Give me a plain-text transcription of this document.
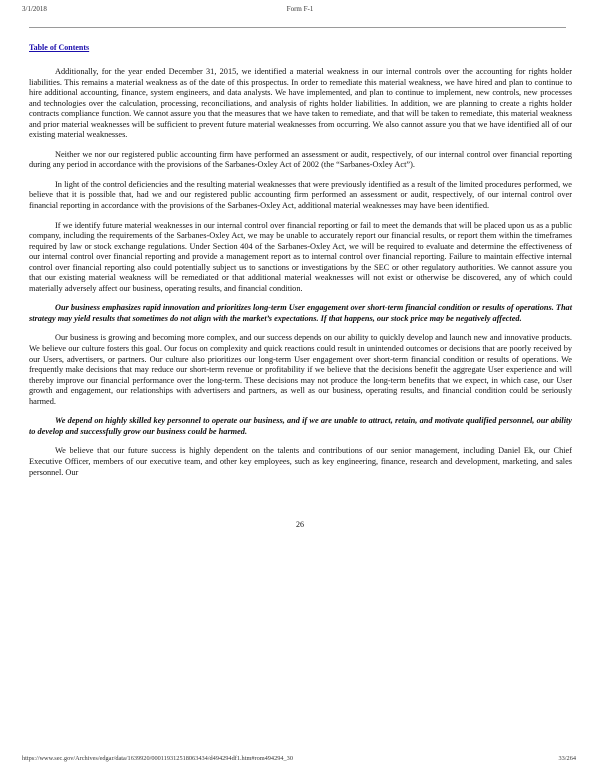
3/1/2018	Form F-1
Table of Contents

Additionally, for the year ended December 31, 2015, we identified a material weakness in our internal controls over the accounting for rights holder liabilities. This remains a material weakness as of the date of this prospectus. In order to remediate this material weakness, we have hired and plan to continue to hire additional accounting, finance, system engineers, and data analysts. We have implemented, and plan to continue to implement, new controls, new processes and technologies over the calculation, processing, reconciliations, and analysis of rights holder liabilities. In addition, we are planning to create a rights holder contracts compliance function. We cannot assure you that the measures that we have taken to remediate, and that will be taken to remediate, this material weakness and prior material weaknesses will be sufficient to prevent future material weaknesses from occurring. We also cannot assure you that we have identified all of our existing material weaknesses.

Neither we nor our registered public accounting firm have performed an assessment or audit, respectively, of our internal control over financial reporting during any period in accordance with the provisions of the Sarbanes-Oxley Act of 2002 (the “Sarbanes-Oxley Act”).

In light of the control deficiencies and the resulting material weaknesses that were previously identified as a result of the limited procedures performed, we believe that it is possible that, had we and our registered public accounting firm performed an assessment or audit, respectively, of our internal control over financial reporting in accordance with the provisions of the Sarbanes-Oxley Act, additional material weaknesses may have been identified.

If we identify future material weaknesses in our internal control over financial reporting or fail to meet the demands that will be placed upon us as a public company, including the requirements of the Sarbanes-Oxley Act, we may be unable to accurately report our financial results, or report them within the timeframes required by law or stock exchange regulations. Under Section 404 of the Sarbanes-Oxley Act, we will be required to evaluate and determine the effectiveness of our internal control over financial reporting and provide a management report as to internal control over financial reporting. Failure to maintain effective internal control over financial reporting also could potentially subject us to sanctions or investigations by the SEC or other regulatory authorities. We cannot assure you that our existing material weakness will be remediated or that additional material weaknesses will not exist or otherwise be discovered, any of which could materially adversely affect our business, operating results, and financial condition.

Our business emphasizes rapid innovation and prioritizes long-term User engagement over short-term financial condition or results of operations. That strategy may yield results that sometimes do not align with the market’s expectations. If that happens, our stock price may be negatively affected.

Our business is growing and becoming more complex, and our success depends on our ability to quickly develop and launch new and innovative products. We believe our culture fosters this goal. Our focus on complexity and quick reactions could result in unintended outcomes or decisions that are poorly received by our Users, advertisers, or partners. Our culture also prioritizes our long-term User engagement over short-term financial condition or results of operations. We frequently make decisions that may reduce our short-term revenue or profitability if we believe that the decisions benefit the aggregate User experience and will thereby improve our financial performance over the long-term. These decisions may not produce the long-term benefits that we expect, in which case, our User growth and engagement, our relationships with advertisers and partners, as well as our business, operating results, and financial condition could be seriously harmed.

We depend on highly skilled key personnel to operate our business, and if we are unable to attract, retain, and motivate qualified personnel, our ability to develop and successfully grow our business could be harmed.

We believe that our future success is highly dependent on the talents and contributions of our senior management, including Daniel Ek, our Chief Executive Officer, members of our executive team, and other key employees, such as key engineering, finance, research and development, marketing, and sales personnel. Our

26
https://www.sec.gov/Archives/edgar/data/1639920/000119312518063434/d494294df1.htm#rom494294_30	33/264
